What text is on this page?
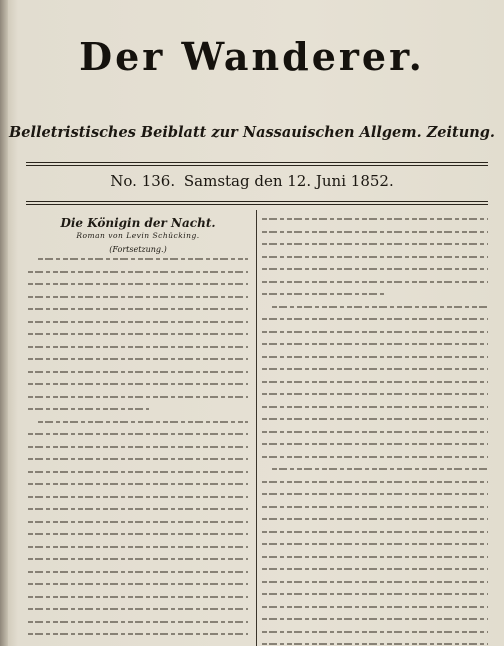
Der Wanderer.
Belletristisches Beiblatt zur Nassauischen Allgem. Zeitung.
No. 136. Samstag den 12. Juni 1852.
Die Königin der Nacht.
Roman von Levin Schücking.
(Fortsetzung.)
